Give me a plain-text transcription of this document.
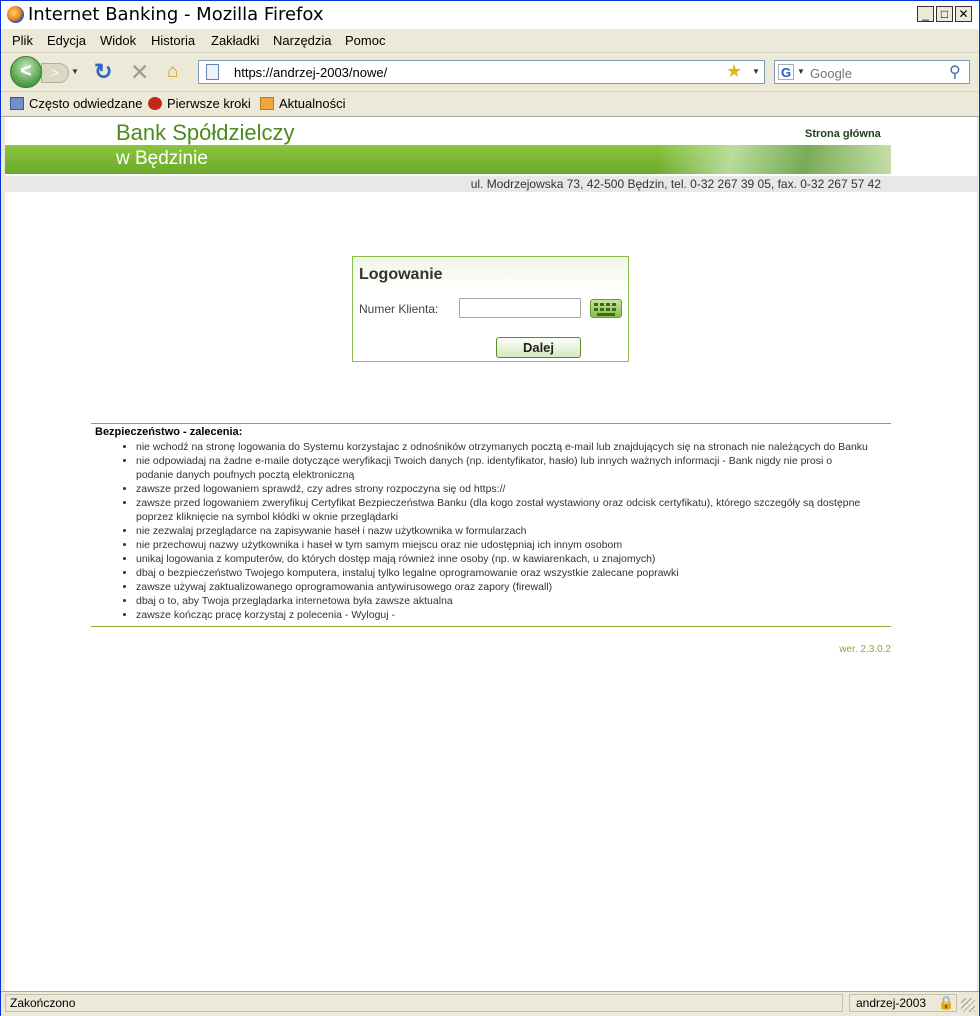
Internet Banking - Mozilla Firefox	_	□ ✕
Plik Edycja Widok Historia Zakładki Narzędzia Pomoc
>
<	▼ ↻ ✕ ⌂	https://andrzej-2003/nowe/	★ ▼ G ▼
Google	⚲
Często odwiedzane	Pierwsze kroki	Aktualności
Bank Spółdzielczy	Strona główna
w Będzinie
ul. Modrzejowska 73, 42-500 Będzin, tel. 0-32 267 39 05, fax. 0-32 267 57 42
Logowanie
Numer Klienta:
Dalej
Bezpieczeństwo - zalecenia:
• nie wchodź na stronę logowania do Systemu korzystajac z odnośników otrzymanych pocztą e-mail lub znajdujących się na stronach nie należących do Banku
• nie odpowiadaj na żadne e-maile dotyczące weryfikacji Twoich danych (np. identyfikator, hasło) lub innych ważnych informacji - Bank nigdy nie prosi o podanie danych poufnych pocztą elektroniczną
• zawsze przed logowaniem sprawdź, czy adres strony rozpoczyna się od https://
• zawsze przed logowaniem zweryfikuj Certyfikat Bezpieczeństwa Banku (dla kogo został wystawiony oraz odcisk certyfikatu), którego szczegóły są dostępne poprzez kliknięcie na symbol kłódki w oknie przeglądarki
• nie zezwalaj przeglądarce na zapisywanie haseł i nazw użytkownika w formularzach
• nie przechowuj nazwy użytkownika i haseł w tym samym miejscu oraz nie udostępniaj ich innym osobom
• unikaj logowania z komputerów, do których dostęp mają również inne osoby (np. w kawiarenkach, u znajomych)
• dbaj o bezpieczeństwo Twojego komputera, instaluj tylko legalne oprogramowanie oraz wszystkie zalecane poprawki
• zawsze używaj zaktualizowanego oprogramowania antywirusowego oraz zapory (firewall)
• dbaj o to, aby Twoja przeglądarka internetowa była zawsze aktualna
• zawsze kończąc pracę korzystaj z polecenia - Wyloguj -
wer. 2.3.0.2
Zakończono	andrzej-2003 🔒
